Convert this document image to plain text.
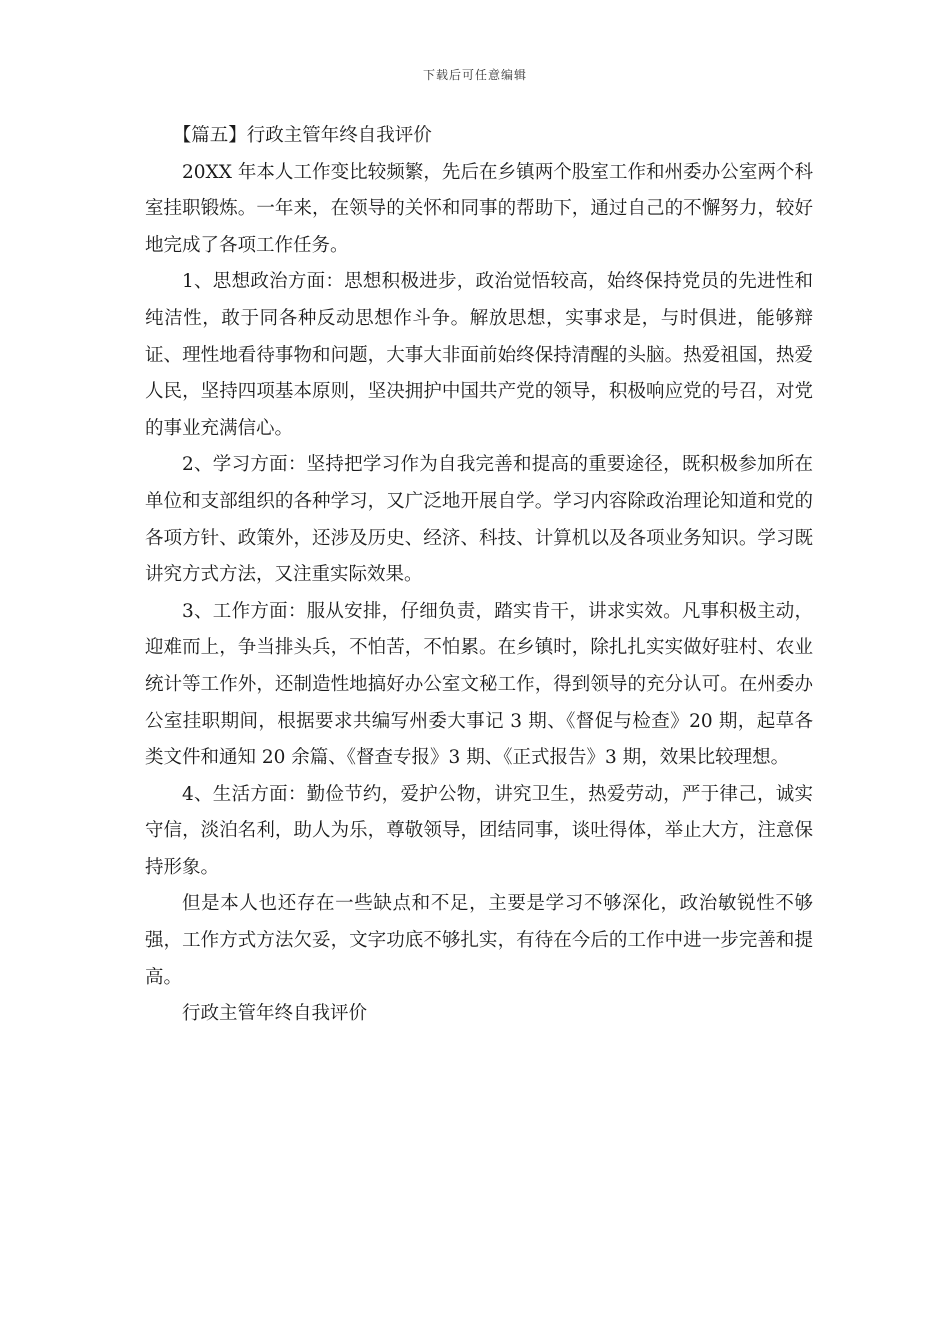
下载后可任意编辑

【篇五】行政主管年终自我评价

20XX 年本人工作变比较频繁，先后在乡镇两个股室工作和州委办公室两个科室挂职锻炼。一年来，在领导的关怀和同事的帮助下，通过自己的不懈努力，较好地完成了各项工作任务。

1、思想政治方面：思想积极进步，政治觉悟较高，始终保持党员的先进性和纯洁性，敢于同各种反动思想作斗争。解放思想，实事求是，与时俱进，能够辩证、理性地看待事物和问题，大事大非面前始终保持清醒的头脑。热爱祖国，热爱人民，坚持四项基本原则，坚决拥护中国共产党的领导，积极响应党的号召，对党的事业充满信心。

2、学习方面：坚持把学习作为自我完善和提高的重要途径，既积极参加所在单位和支部组织的各种学习，又广泛地开展自学。学习内容除政治理论知道和党的各项方针、政策外，还涉及历史、经济、科技、计算机以及各项业务知识。学习既讲究方式方法，又注重实际效果。

3、工作方面：服从安排，仔细负责，踏实肯干，讲求实效。凡事积极主动，迎难而上，争当排头兵，不怕苦，不怕累。在乡镇时，除扎扎实实做好驻村、农业统计等工作外，还制造性地搞好办公室文秘工作，得到领导的充分认可。在州委办公室挂职期间，根据要求共编写州委大事记 3 期、《督促与检查》20 期，起草各类文件和通知 20 余篇、《督查专报》3 期、《正式报告》3 期，效果比较理想。

4、生活方面：勤俭节约，爱护公物，讲究卫生，热爱劳动，严于律己，诚实守信，淡泊名利，助人为乐，尊敬领导，团结同事，谈吐得体，举止大方，注意保持形象。

但是本人也还存在一些缺点和不足，主要是学习不够深化，政治敏锐性不够强，工作方式方法欠妥，文字功底不够扎实，有待在今后的工作中进一步完善和提高。

行政主管年终自我评价
